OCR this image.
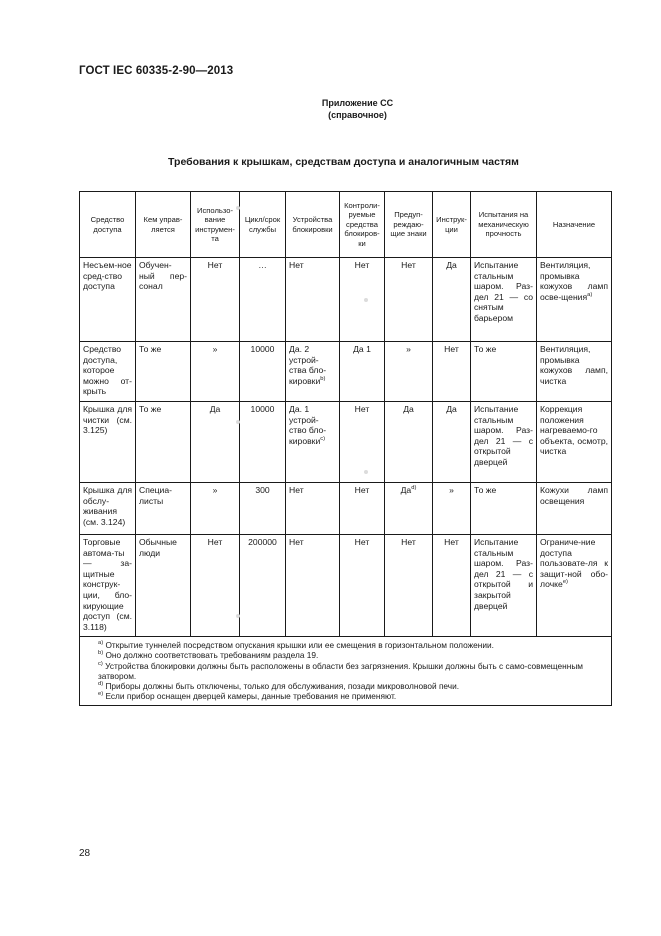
ГОСТ IEC 60335-2-90—2013
Приложение СС
(справочное)
Требования к крышкам, средствам доступа и аналогичным частям
Средство доступа	Кем управ-ляется	Использо-вание инструмен-та	Цикл/срок службы	Устройства блокировки	Контроли-руемые средства блокиров-ки	Предуп-реждаю-щие знаки	Инструк-ции	Испытания на механическую прочность	Назначение
Несъем-ное сред-ство доступа	Обучен-ный пер-сонал	Нет	…	Нет	Нет	Нет	Да	Испытание стальным шаром. Раз-дел 21 — со снятым барьером	Вентиляция, промывка кожухов ламп осве-щения$^{а)}$
Средство доступа, которое можно от-крыть	То же	»	10000	Да. 2 устрой-ства бло-кировки$^{b)}$	Да 1	»	Нет	То же	Вентиляция, промывка кожухов ламп, чистка
Крышка для чистки (см. 3.125)	То же	Да	10000	Да. 1 устрой-ство бло-кировки$^{с)}$	Нет	Да	Да	Испытание стальным шаром. Раз-дел 21 — с открытой дверцей	Коррекция положения нагреваемо-го объекта, осмотр, чистка
Крышка для обслу-живания (см. 3.124)	Специа-листы	»	300	Нет	Нет	$Да^{d)}$	»	То же	Кожухи ламп освещения
Торговые автома-ты — за-щитные конструк-ции, бло-кирующие доступ (см. 3.118)	Обычные люди	Нет	200000	Нет	Нет	Нет	Нет	Испытание стальным шаром. Раз-дел 21 — с открытой и закрытой дверцей	Ограниче-ние доступа пользовате-ля к защит-ной обо-лочке$^{е)}$

$^{a)}$ Открытие туннелей посредством опускания крышки или ее смещения в горизонтальном положении.
$^{b)}$ Оно должно соответствовать требованиям раздела 19.
$^{c)}$ Устройства блокировки должны быть расположены в области без загрязнения. Крышки должны быть с само-совмещенным затвором.
$^{d)}$ Приборы должны быть отключены, только для обслуживания, позади микроволновой печи.
$^{е)}$ Если прибор оснащен дверцей камеры, данные требования не применяют.									
28
